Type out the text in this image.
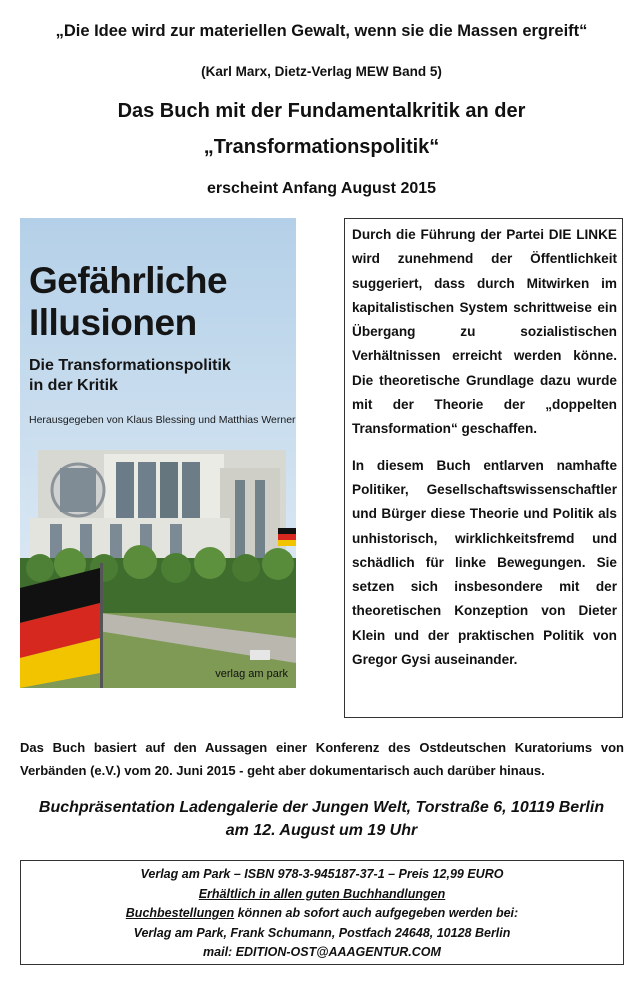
„Die Idee wird zur materiellen Gewalt, wenn sie die Massen ergreift“
(Karl Marx, Dietz-Verlag MEW Band 5)
Das Buch mit der Fundamentalkritik an der
„Transformationspolitik“
erscheint Anfang August 2015
Gefährliche
Illusionen
Die Transformationspolitik
in der Kritik
Herausgegeben von Klaus Blessing und Matthias Werner
verlag am park

Durch die Führung der Partei DIE LINKE wird zunehmend der Öffentlichkeit suggeriert, dass durch Mitwirken im kapitalistischen System schrittweise ein Übergang zu sozialistischen Verhältnissen erreicht werden könne. Die theoretische Grundlage dazu wurde mit der Theorie der „doppelten Transformation“ geschaffen.

In diesem Buch entlarven namhafte Politiker, Gesellschaftswissenschaftler und Bürger diese Theorie und Politik als unhistorisch, wirklichkeitsfremd und schädlich für linke Bewegungen. Sie setzen sich insbesondere mit der theoretischen Konzeption von Dieter Klein und der praktischen Politik von Gregor Gysi auseinander.

Das Buch basiert auf den Aussagen einer Konferenz des Ostdeutschen Kuratoriums von Verbänden (e.V.) vom 20. Juni 2015 - geht aber dokumentarisch auch darüber hinaus.
Buchpräsentation Ladengalerie der Jungen Welt, Torstraße 6, 10119 Berlin
am 12. August um 19 Uhr
Verlag am Park – ISBN 978-3-945187-37-1 – Preis 12,99 EURO
Erhältlich in allen guten Buchhandlungen
Buchbestellungen können ab sofort auch aufgegeben werden bei:
Verlag am Park, Frank Schumann, Postfach 24648, 10128 Berlin
mail: EDITION-OST@AAAGENTUR.COM
